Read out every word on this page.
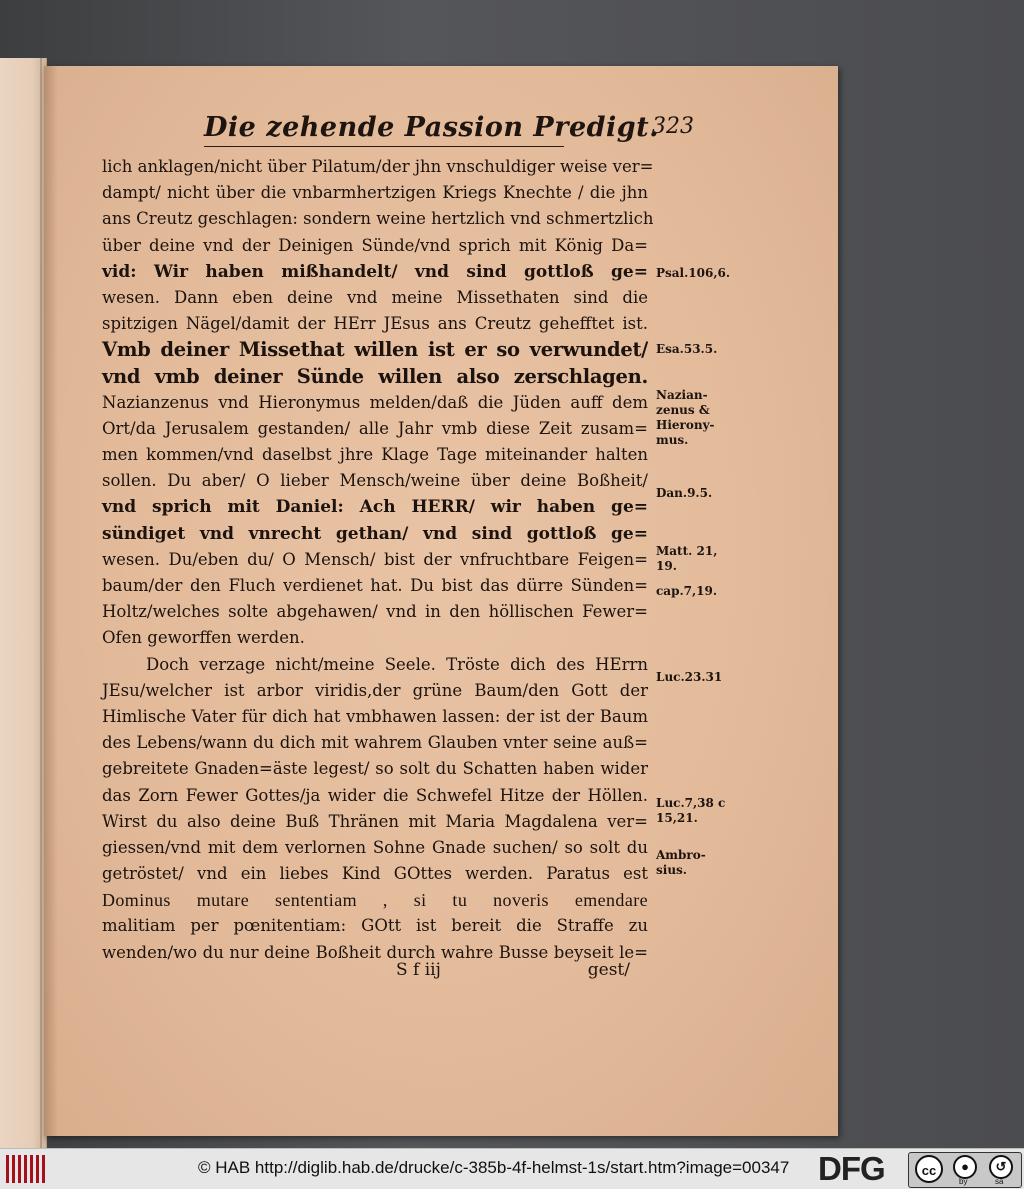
Die zehende Passion Predigt.
323
lich anklagen/nicht über Pilatum/der jhn vnschuldiger weise ver=
dampt/ nicht über die vnbarmhertzigen Kriegs Knechte / die jhn
ans Creutz geschlagen: sondern weine hertzlich vnd schmertzlich
über deine vnd der Deinigen Sünde/vnd sprich mit König Da=
vid: Wir haben mißhandelt/ vnd sind gottloß ge=
wesen. Dann eben deine vnd meine Missethaten sind die
spitzigen Nägel/damit der HErr JEsus ans Creutz gehefftet ist.
Vmb deiner Missethat willen ist er so verwundet/
vnd vmb deiner Sünde willen also zerschlagen.
Nazianzenus vnd Hieronymus melden/daß die Jüden auff dem
Ort/da Jerusalem gestanden/ alle Jahr vmb diese Zeit zusam=
men kommen/vnd daselbst jhre Klage Tage miteinander halten
sollen. Du aber/ O lieber Mensch/weine über deine Boßheit/
vnd sprich mit Daniel: Ach HERR/ wir haben ge=
sündiget vnd vnrecht gethan/ vnd sind gottloß ge=
wesen. Du/eben du/ O Mensch/ bist der vnfruchtbare Feigen=
baum/der den Fluch verdienet hat. Du bist das dürre Sünden=
Holtz/welches solte abgehawen/ vnd in den höllischen Fewer=
Ofen geworffen werden.
Doch verzage nicht/meine Seele. Tröste dich des HErrn
JEsu/welcher ist arbor viridis,der grüne Baum/den Gott der
Himlische Vater für dich hat vmbhawen lassen: der ist der Baum
des Lebens/wann du dich mit wahrem Glauben vnter seine auß=
gebreitete Gnaden=äste legest/ so solt du Schatten haben wider
das Zorn Fewer Gottes/ja wider die Schwefel Hitze der Höllen.
Wirst du also deine Buß Thränen mit Maria Magdalena ver=
giessen/vnd mit dem verlornen Sohne Gnade suchen/ so solt du
getröstet/ vnd ein liebes Kind GOttes werden. Paratus est
Dominus mutare sententiam , si tu noveris emendare
malitiam per pœnitentiam: GOtt ist bereit die Straffe zu
wenden/wo du nur deine Boßheit durch wahre Busse beyseit le=
S f iij	gest/
Psal.106,6.
Esa.53.5.
Nazian- zenus & Hierony- mus.
Dan.9.5.
Matt. 21, 19.
cap.7,19.
Luc.23.31
Luc.7,38 c 15,21.
Ambro- sius.
© HAB http://diglib.hab.de/drucke/c-385b-4f-helmst-1s/start.htm?image=00347 DFG	cc	●	↺
by	sa
